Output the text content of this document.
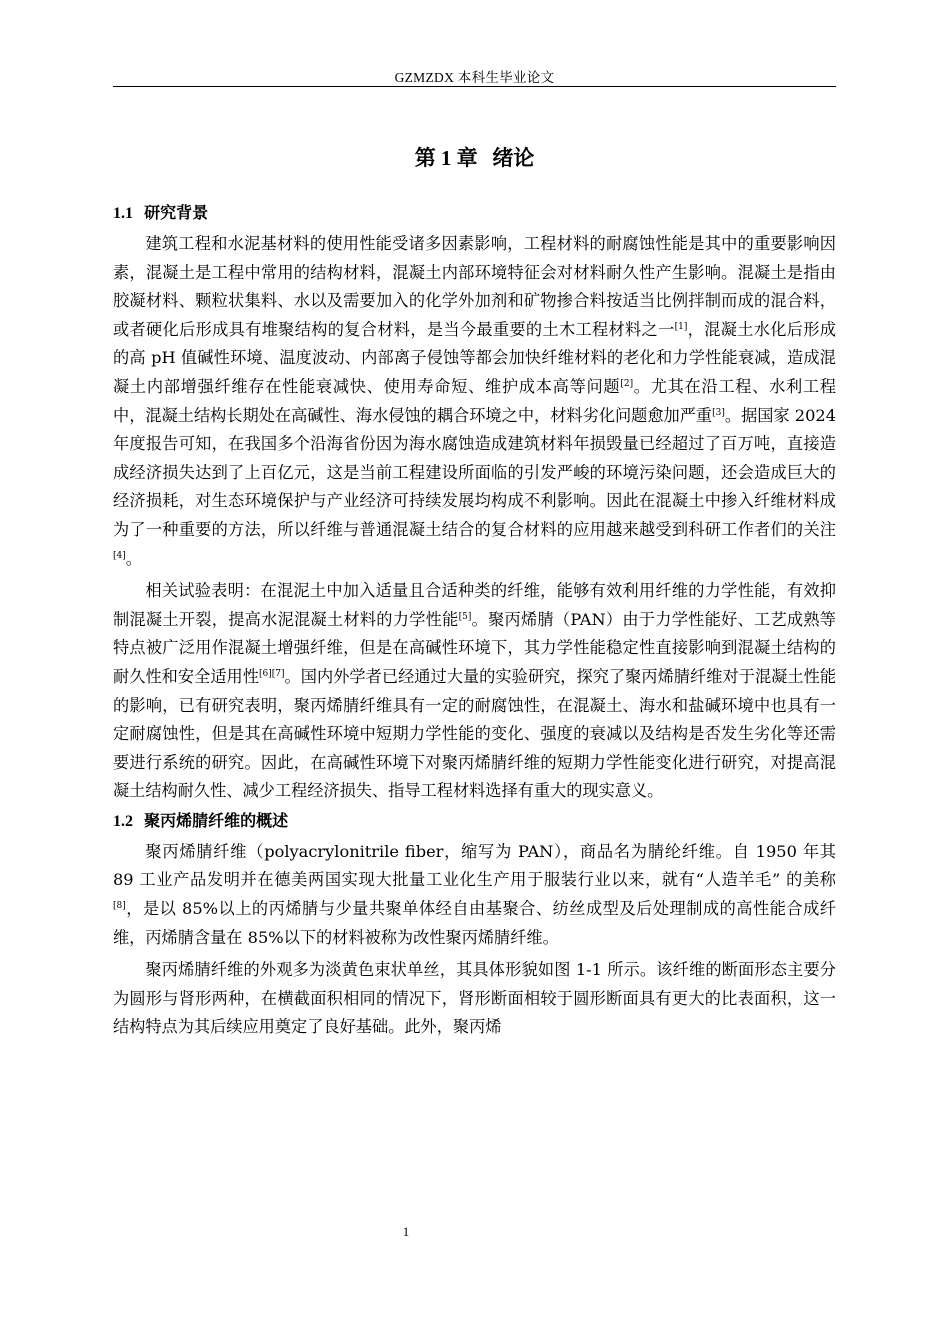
GZMZDX 本科生毕业论文
第 1 章 绪论
1.1 研究背景

建筑工程和水泥基材料的使用性能受诸多因素影响，工程材料的耐腐蚀性能是其中的重要影响因素，混凝土是工程中常用的结构材料，混凝土内部环境特征会对材料耐久性产生影响。混凝土是指由胶凝材料、颗粒状集料、水以及需要加入的化学外加剂和矿物掺合料按适当比例拌制而成的混合料，或者硬化后形成具有堆聚结构的复合材料，是当今最重要的土木工程材料之一[1]，混凝土水化后形成的高 pH 值碱性环境、温度波动、内部离子侵蚀等都会加快纤维材料的老化和力学性能衰减，造成混凝土内部增强纤维存在性能衰减快、使用寿命短、维护成本高等问题[2]。尤其在沿工程、水利工程中，混凝土结构长期处在高碱性、海水侵蚀的耦合环境之中，材料劣化问题愈加严重[3]。据国家 2024 年度报告可知，在我国多个沿海省份因为海水腐蚀造成建筑材料年损毁量已经超过了百万吨，直接造成经济损失达到了上百亿元，这是当前工程建设所面临的引发严峻的环境污染问题，还会造成巨大的经济损耗，对生态环境保护与产业经济可持续发展均构成不利影响。因此在混凝土中掺入纤维材料成为了一种重要的方法，所以纤维与普通混凝土结合的复合材料的应用越来越受到科研工作者们的关注[4]。

相关试验表明：在混泥土中加入适量且合适种类的纤维，能够有效利用纤维的力学性能，有效抑制混凝土开裂，提高水泥混凝土材料的力学性能[5]。聚丙烯腈（PAN）由于力学性能好、工艺成熟等特点被广泛用作混凝土增强纤维，但是在高碱性环境下，其力学性能稳定性直接影响到混凝土结构的耐久性和安全适用性[6][7]。国内外学者已经通过大量的实验研究，探究了聚丙烯腈纤维对于混凝土性能的影响，已有研究表明，聚丙烯腈纤维具有一定的耐腐蚀性，在混凝土、海水和盐碱环境中也具有一定耐腐蚀性，但是其在高碱性环境中短期力学性能的变化、强度的衰减以及结构是否发生劣化等还需要进行系统的研究。因此，在高碱性环境下对聚丙烯腈纤维的短期力学性能变化进行研究，对提高混凝土结构耐久性、减少工程经济损失、指导工程材料选择有重大的现实意义。

1.2 聚丙烯腈纤维的概述

聚丙烯腈纤维（polyacrylonitrile fiber，缩写为 PAN），商品名为腈纶纤维。自 1950 年其 89 工业产品发明并在德美两国实现大批量工业化生产用于服装行业以来，就有“人造羊毛” 的美称[8]，是以 85%以上的丙烯腈与少量共聚单体经自由基聚合、纺丝成型及后处理制成的高性能合成纤维，丙烯腈含量在 85%以下的材料被称为改性聚丙烯腈纤维。

聚丙烯腈纤维的外观多为淡黄色束状单丝，其具体形貌如图 1-1 所示。该纤维的断面形态主要分为圆形与肾形两种，在横截面积相同的情况下，肾形断面相较于圆形断面具有更大的比表面积，这一结构特点为其后续应用奠定了良好基础。此外，聚丙烯

1
